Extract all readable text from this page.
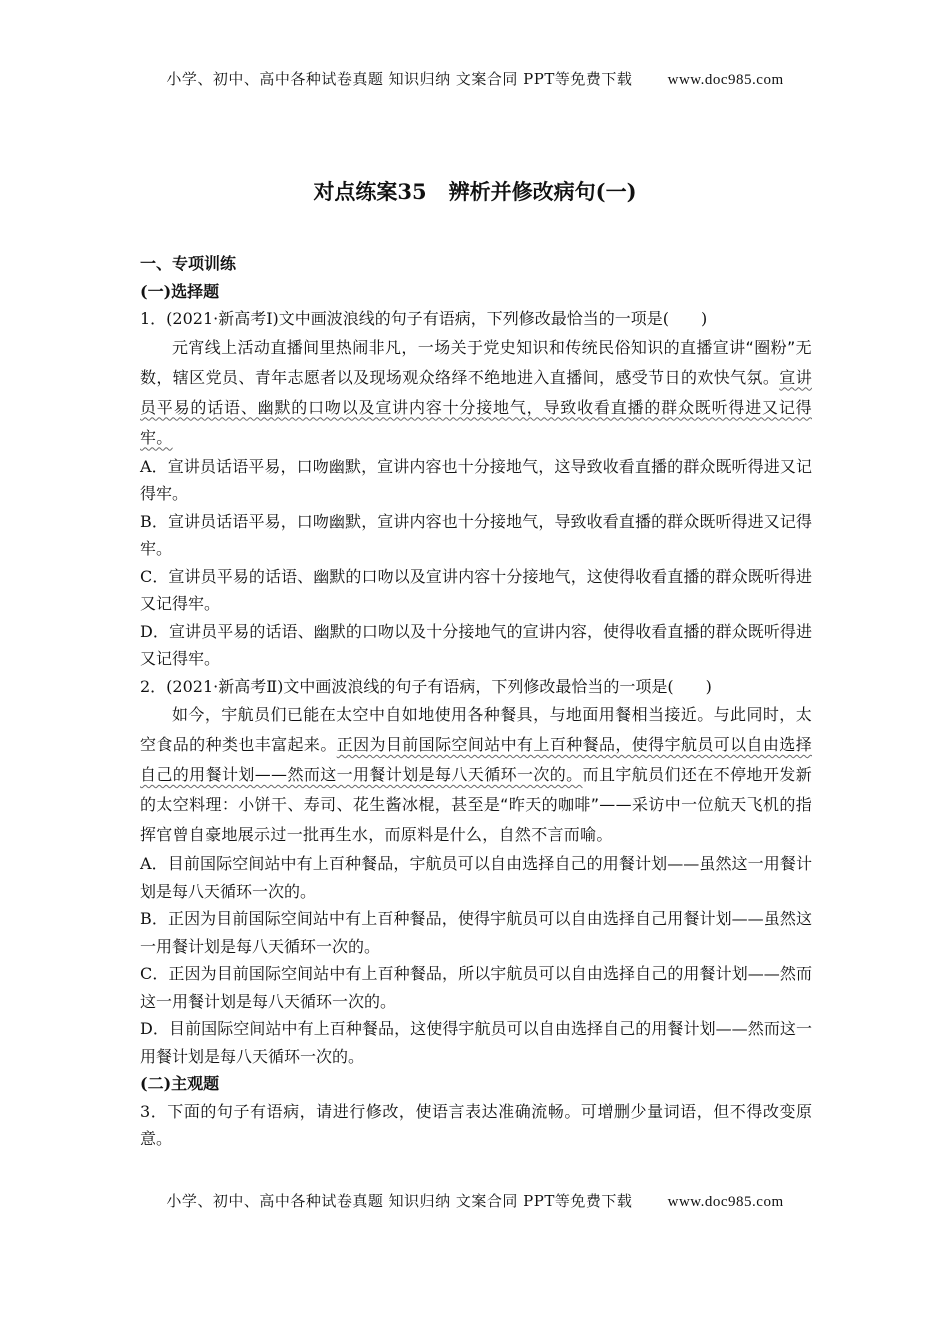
小学、初中、高中各种试卷真题 知识归纳 文案合同 PPT等免费下载 www.doc985.com
对点练案35 辨析并修改病句(一)

一、专项训练

(一)选择题

1．(2021·新高考Ⅰ)文中画波浪线的句子有语病，下列修改最恰当的一项是(　　)

元宵线上活动直播间里热闹非凡，一场关于党史知识和传统民俗知识的直播宣讲“圈粉”无数，辖区党员、青年志愿者以及现场观众络绎不绝地进入直播间，感受节日的欢快气氛。宣讲员平易的话语、幽默的口吻以及宣讲内容十分接地气，导致收看直播的群众既听得进又记得牢。

A．宣讲员话语平易，口吻幽默，宣讲内容也十分接地气，这导致收看直播的群众既听得进又记得牢。

B．宣讲员话语平易，口吻幽默，宣讲内容也十分接地气，导致收看直播的群众既听得进又记得牢。

C．宣讲员平易的话语、幽默的口吻以及宣讲内容十分接地气，这使得收看直播的群众既听得进又记得牢。

D．宣讲员平易的话语、幽默的口吻以及十分接地气的宣讲内容，使得收看直播的群众既听得进又记得牢。

2．(2021·新高考Ⅱ)文中画波浪线的句子有语病，下列修改最恰当的一项是(　　)

如今，宇航员们已能在太空中自如地使用各种餐具，与地面用餐相当接近。与此同时，太空食品的种类也丰富起来。正因为目前国际空间站中有上百种餐品，使得宇航员可以自由选择自己的用餐计划——然而这一用餐计划是每八天循环一次的。而且宇航员们还在不停地开发新的太空料理：小饼干、寿司、花生酱冰棍，甚至是“昨天的咖啡”——采访中一位航天飞机的指挥官曾自豪地展示过一批再生水，而原料是什么，自然不言而喻。

A．目前国际空间站中有上百种餐品，宇航员可以自由选择自己的用餐计划——虽然这一用餐计划是每八天循环一次的。

B．正因为目前国际空间站中有上百种餐品，使得宇航员可以自由选择自己用餐计划——虽然这一用餐计划是每八天循环一次的。

C．正因为目前国际空间站中有上百种餐品，所以宇航员可以自由选择自己的用餐计划——然而这一用餐计划是每八天循环一次的。

D．目前国际空间站中有上百种餐品，这使得宇航员可以自由选择自己的用餐计划——然而这一用餐计划是每八天循环一次的。

(二)主观题

3．下面的句子有语病，请进行修改，使语言表达准确流畅。可增删少量词语，但不得改变原意。

小学、初中、高中各种试卷真题 知识归纳 文案合同 PPT等免费下载 www.doc985.com
